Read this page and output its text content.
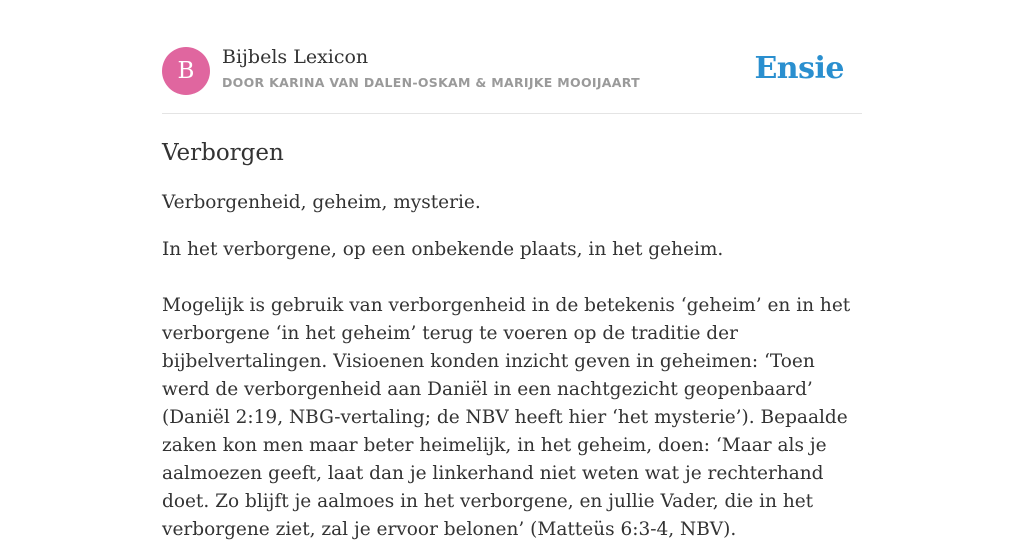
B
Bijbels Lexicon
DOOR KARINA VAN DALEN-OSKAM & MARIJKE MOOIJAART	Ensie
Verborgen

Verborgenheid, geheim, mysterie.

In het verborgene, op een onbekende plaats, in het geheim.

Mogelijk is gebruik van verborgenheid in de betekenis ‘geheim’ en in het verborgene ‘in het geheim’ terug te voeren op de traditie der bijbelvertalingen. Visioenen konden inzicht geven in geheimen: ‘Toen werd de verborgenheid aan Daniël in een nachtgezicht geopenbaard’ (Daniël 2:19, NBG-vertaling; de NBV heeft hier ‘het mysterie’). Bepaalde zaken kon men maar beter heimelijk, in het geheim, doen: ‘Maar als je aalmoezen geeft, laat dan je linkerhand niet weten wat je rechterhand doet. Zo blijft je aalmoes in het verborgene, en jullie Vader, die in het verborgene ziet, zal je ervoor belonen’ (Matteüs 6:3-4, NBV).
